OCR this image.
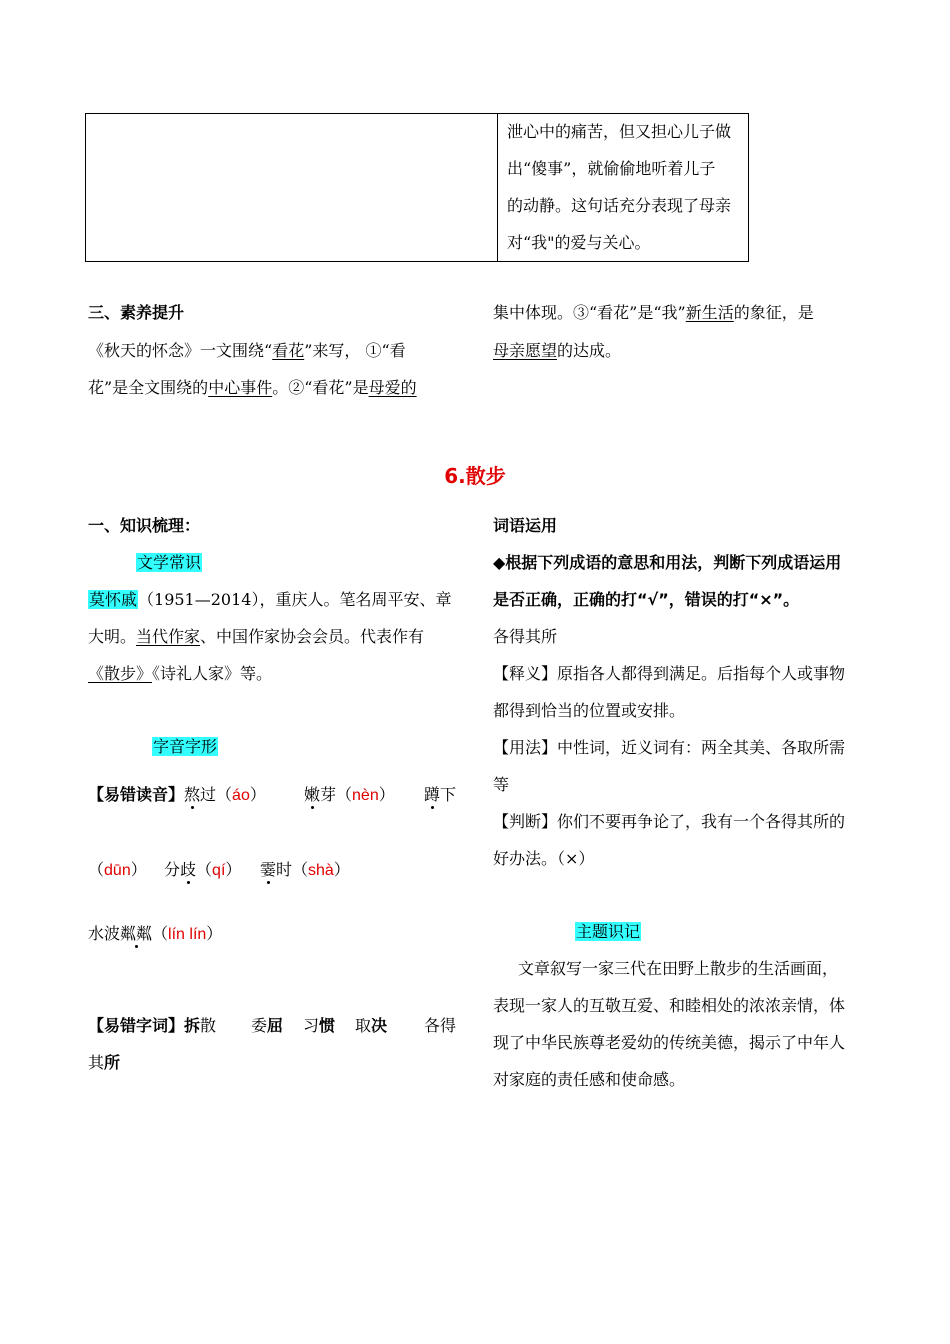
泄心中的痛苦，但又担心儿子做
出“傻事”，就偷偷地听着儿子
的动静。这句话充分表现了母亲
对“我"的爱与关心。
三、素养提升
《秋天的怀念》一文围绕“看花”来写， ①“看
花”是全文围绕的中心事件。②“看花”是母爱的
集中体现。③“看花”是“我”新生活的象征，是
母亲愿望的达成。
6.散步
一、知识梳理：
文学常识
莫怀戚（1951—2014），重庆人。笔名周平安、章
大明。当代作家、中国作家协会会员。代表作有
《散步》《诗礼人家》等。
字音字形
【易错读音】熬过（áo） 嫩芽（nèn） 蹲下
（dūn） 分歧（qí） 霎时（shà）
水波粼粼（lín lín）
【易错字词】拆散 委屈 习惯 取决 各得
其所
词语运用
◆根据下列成语的意思和用法，判断下列成语运用
是否正确，正确的打“√”，错误的打“×”。
各得其所
【释义】原指各人都得到满足。后指每个人或事物
都得到恰当的位置或安排。
【用法】中性词，近义词有：两全其美、各取所需
等
【判断】你们不要再争论了，我有一个各得其所的
好办法。（×）
主题识记
文章叙写一家三代在田野上散步的生活画面，
表现一家人的互敬互爱、和睦相处的浓浓亲情，体
现了中华民族尊老爱幼的传统美德，揭示了中年人
对家庭的责任感和使命感。
